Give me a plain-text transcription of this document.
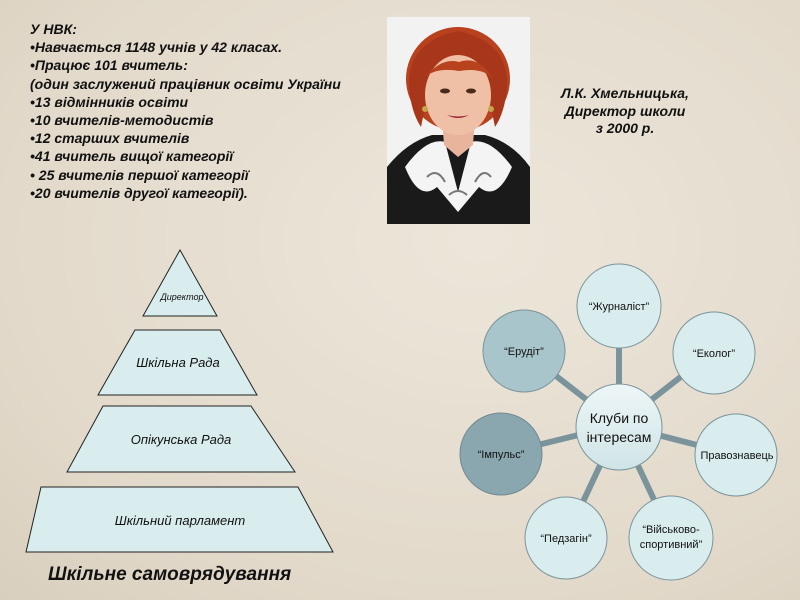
У НВК:
•Навчається 1148 учнів у 42 класах.
•Працює 101 вчитель:
(один заслужений працівник освіти України
•13 відмінників освіти
•10 вчителів-методистів
•12 старших вчителів
•41 вчитель вищої категорії
• 25 вчителів першої категорії
•20 вчителів другої категорії).
Л.К. Хмельницька,
Директор школи
з 2000 р.
Директор
Шкільна Рада
Опікунська Рада
Шкільний парламент
“Журналіст”
“Еколог”
Правознавець
“Військово-
спортивний”
“Педзагін”
“Імпульс”
“Ерудіт”
Клуби по
інтересам
Шкільне самоврядування
